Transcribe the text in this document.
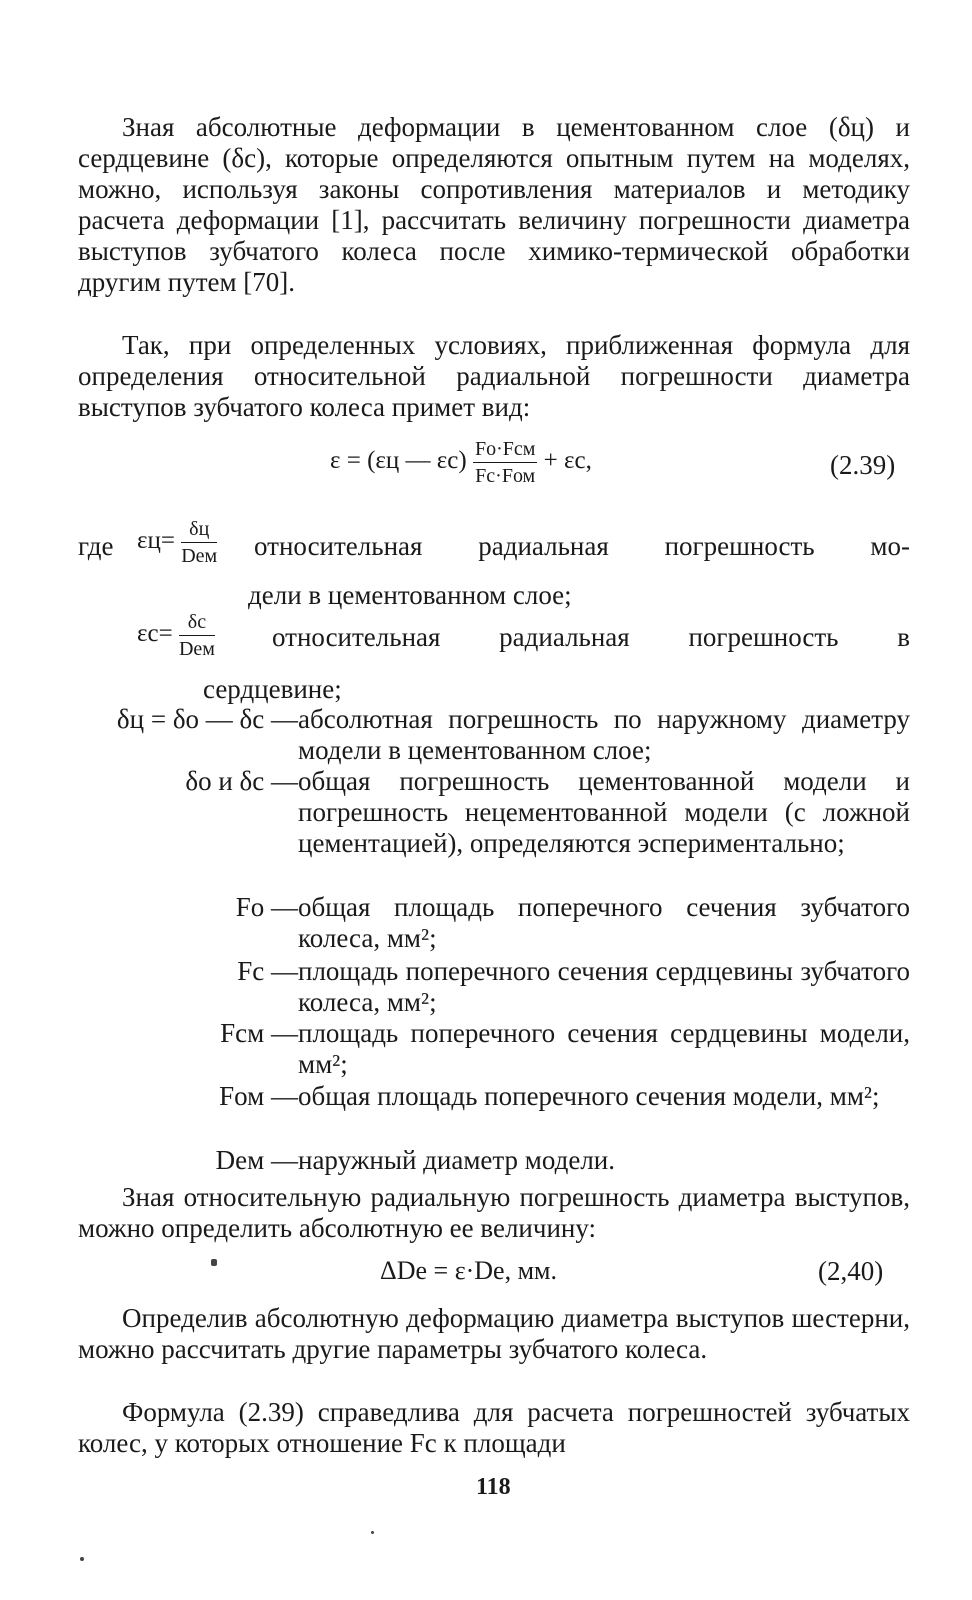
Зная абсолютные деформации в цементованном слое (δц) и сердцевине (δс), которые определяются опытным путем на моделях, можно, используя законы сопротивления материалов и методику расчета деформации [1], рассчитать величину погрешности диаметра выступов зубчатого колеса после химико-термической обработки другим путем [70].
Так, при определенных условиях, приближенная формула для определения относительной радиальной погрешности диаметра выступов зубчатого колеса примет вид:
ε = (εц — $\varepsilon с) \frac{\text{Fо·Fсм}}{\text{Fс·Fом}} + \varepsilon с$,	(2.39)
где $\varepsilon ц= \frac{\delta ц}{\text{Dем}}$ относительная радиальная погрешность мо-
дели в цементованном слое;
$\varepsilon с= \frac{\delta с}{\text{Dем}}$ относительная радиальная погрешность в
сердцевине;
δц = δо — δс — абсолютная погрешность по наружному диаметру модели в цементованном слое;
δо и δс — общая погрешность цементованной модели и погрешность нецементованной модели (с ложной цементацией), определяются эспериментально;
Fо — общая площадь поперечного сечения зубчатого колеса, мм²;
Fс — площадь поперечного сечения сердцевины зубчатого колеса, мм²;
Fсм — площадь поперечного сечения сердцевины модели, мм²;
Fом — общая площадь поперечного сечения модели, мм²;
Dем — наружный диаметр модели.
Зная относительную радиальную погрешность диаметра выступов, можно определить абсолютную ее величину:
ΔDе = ε·Dе, мм.	(2,40)
Определив абсолютную деформацию диаметра выступов шестерни, можно рассчитать другие параметры зубчатого колеса.
Формула (2.39) справедлива для расчета погрешностей зубчатых колес, у которых отношение Fс к площади
118
